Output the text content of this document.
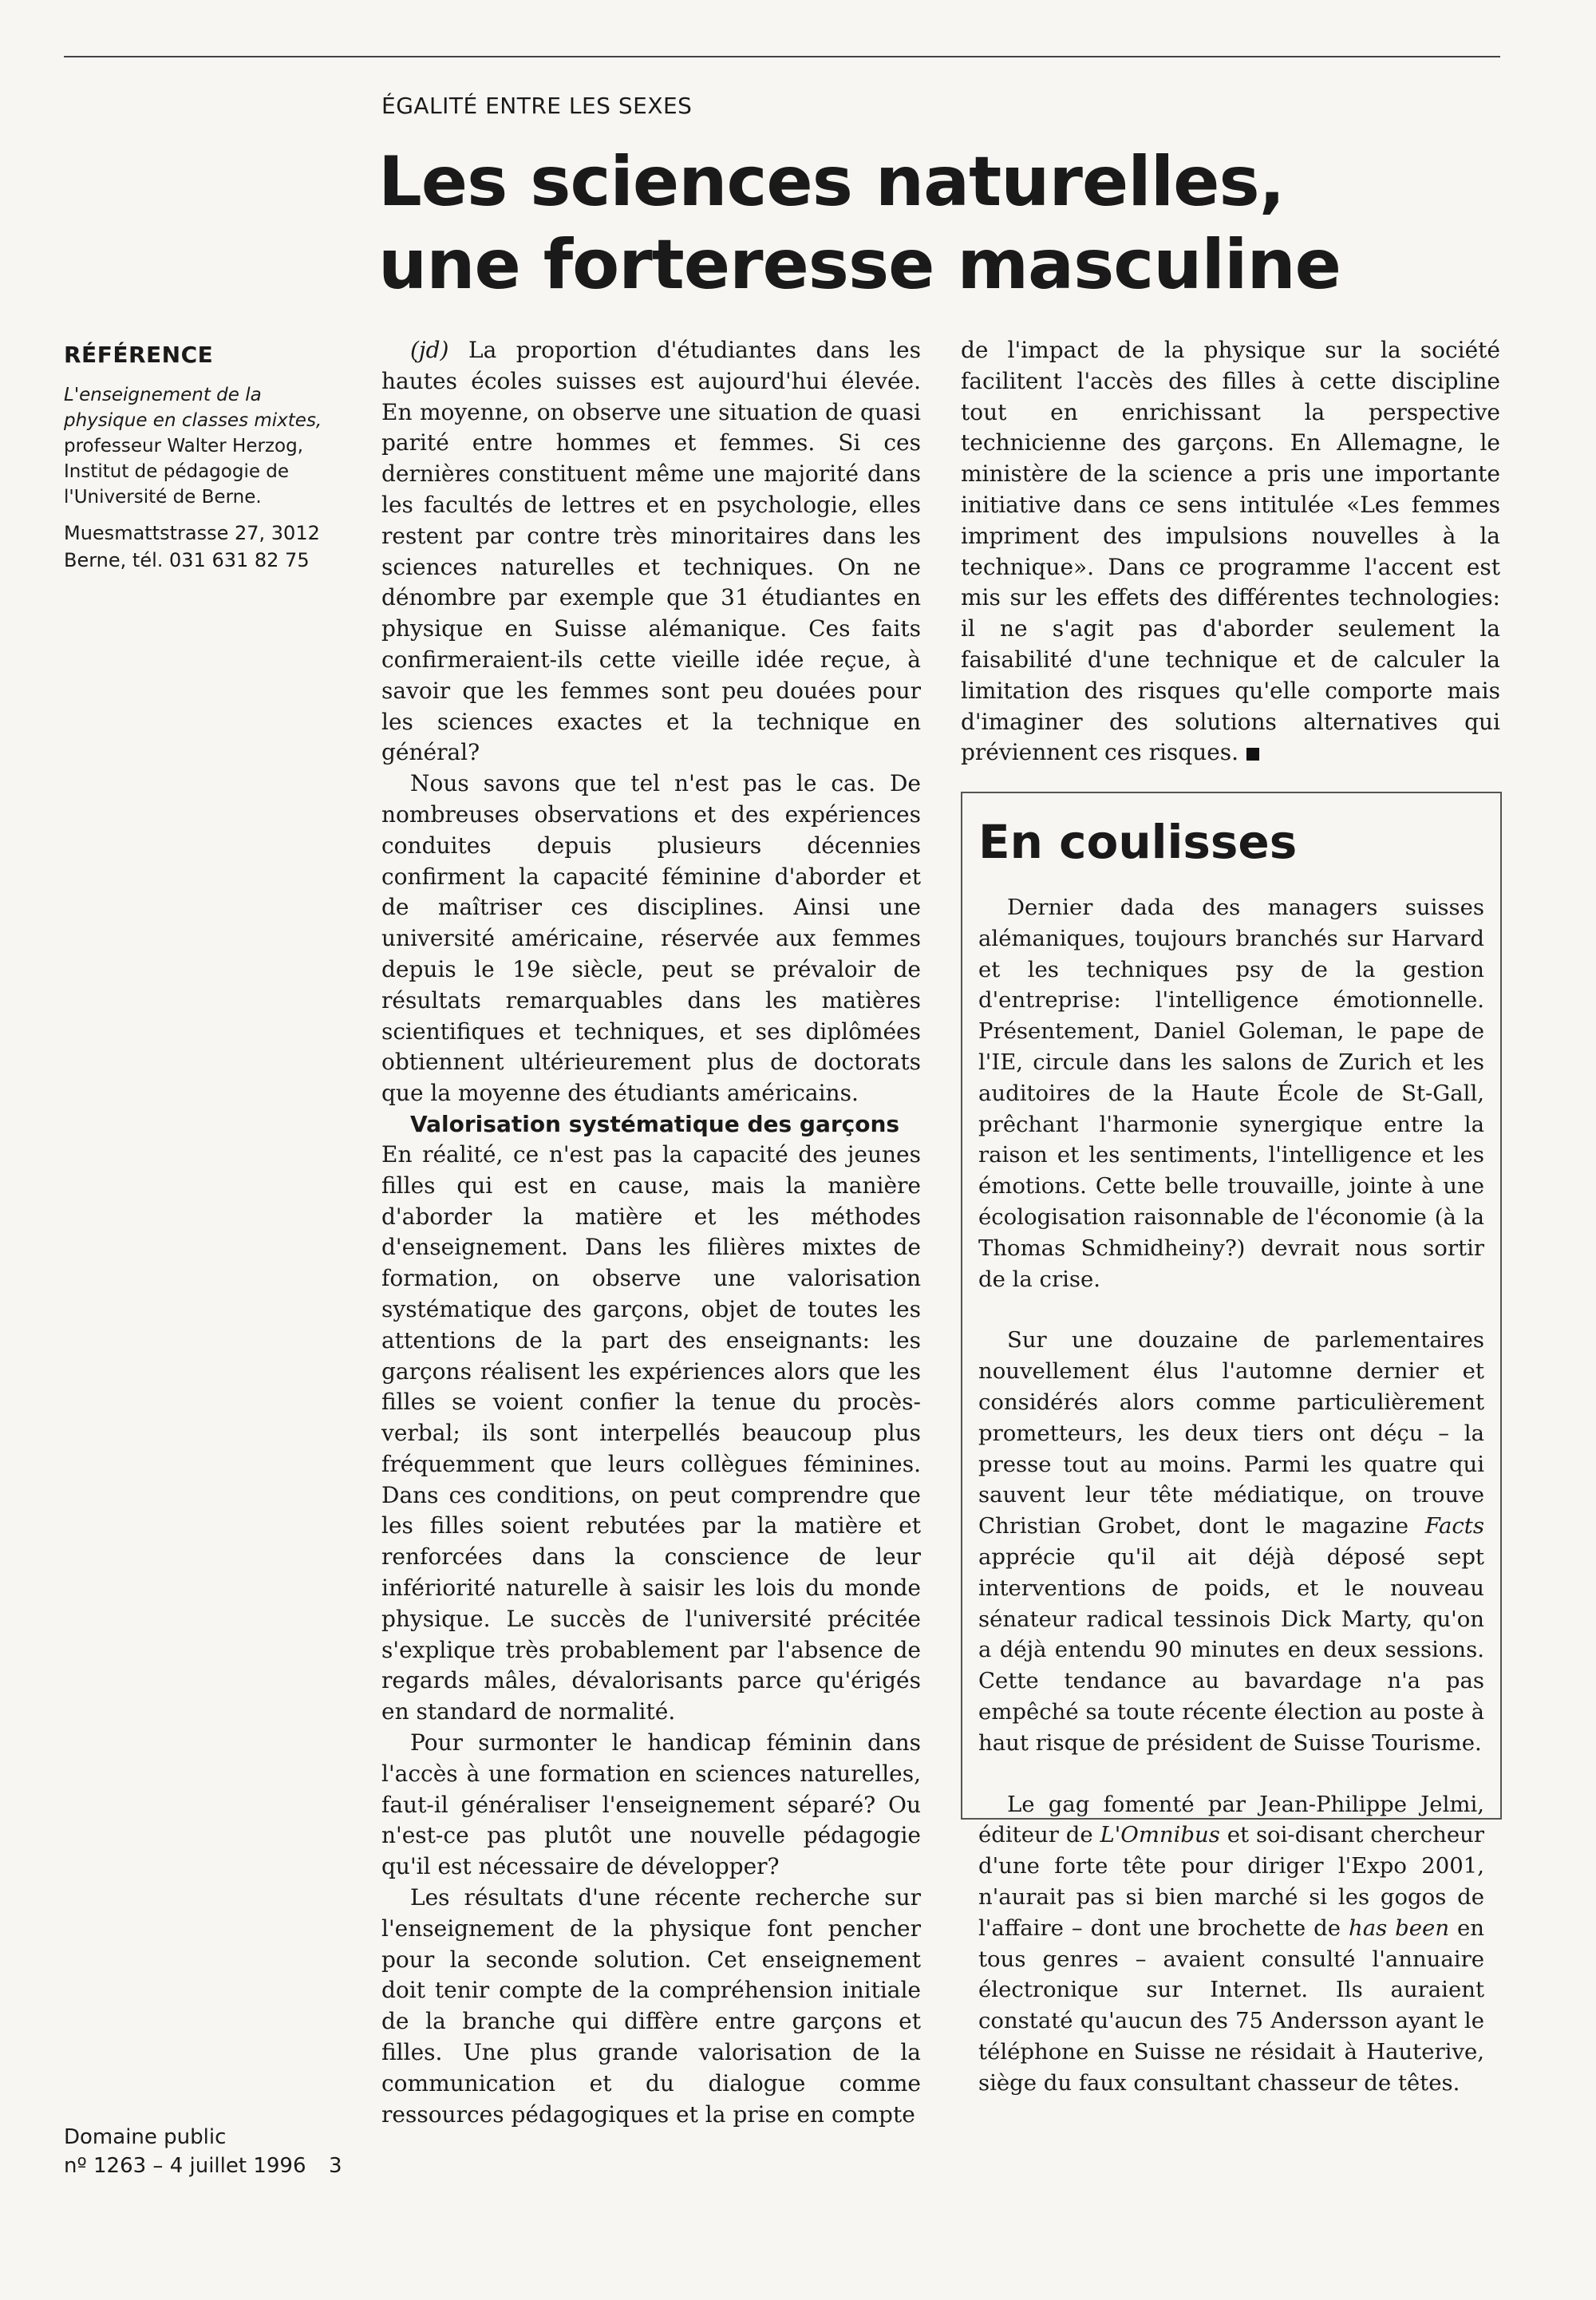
ÉGALITÉ ENTRE LES SEXES
Les sciences naturelles,
une forteresse masculine
RÉFÉRENCE

L'enseignement de la physique en classes mixtes, professeur Walter Herzog, Institut de pédagogie de l'Université de Berne.

Muesmattstrasse 27, 3012 Berne, tél. 031 631 82 75

Domaine public
nº 1263 – 4 juillet 1996	3

(jd) La proportion d'étudiantes dans les hautes écoles suisses est aujourd'hui élevée. En moyenne, on observe une situation de quasi parité entre hommes et femmes. Si ces dernières constituent même une majorité dans les facultés de lettres et en psychologie, elles restent par contre très minoritaires dans les sciences naturelles et techniques. On ne dénombre par exemple que 31 étudiantes en physique en Suisse alémanique. Ces faits confirmeraient-ils cette vieille idée reçue, à savoir que les femmes sont peu douées pour les sciences exactes et la technique en général?

Nous savons que tel n'est pas le cas. De nombreuses observations et des expériences conduites depuis plusieurs décennies confirment la capacité féminine d'aborder et de maîtriser ces disciplines. Ainsi une université américaine, réservée aux femmes depuis le 19e siècle, peut se prévaloir de résultats remarquables dans les matières scientifiques et techniques, et ses diplômées obtiennent ultérieurement plus de doctorats que la moyenne des étudiants américains.

Valorisation systématique des garçons

En réalité, ce n'est pas la capacité des jeunes filles qui est en cause, mais la manière d'aborder la matière et les méthodes d'enseignement. Dans les filières mixtes de formation, on observe une valorisation systématique des garçons, objet de toutes les attentions de la part des enseignants: les garçons réalisent les expériences alors que les filles se voient confier la tenue du procès-verbal; ils sont interpellés beaucoup plus fréquemment que leurs collègues féminines. Dans ces conditions, on peut comprendre que les filles soient rebutées par la matière et renforcées dans la conscience de leur infériorité naturelle à saisir les lois du monde physique. Le succès de l'université précitée s'explique très probablement par l'absence de regards mâles, dévalorisants parce qu'érigés en standard de normalité.

Pour surmonter le handicap féminin dans l'accès à une formation en sciences naturelles, faut-il généraliser l'enseignement séparé? Ou n'est-ce pas plutôt une nouvelle pédagogie qu'il est nécessaire de développer?

Les résultats d'une récente recherche sur l'enseignement de la physique font pencher pour la seconde solution. Cet enseignement doit tenir compte de la compréhension initiale de la branche qui diffère entre garçons et filles. Une plus grande valorisation de la communication et du dialogue comme ressources pédagogiques et la prise en compte

de l'impact de la physique sur la société facilitent l'accès des filles à cette discipline tout en enrichissant la perspective technicienne des garçons. En Allemagne, le ministère de la science a pris une importante initiative dans ce sens intitulée «Les femmes impriment des impulsions nouvelles à la technique». Dans ce programme l'accent est mis sur les effets des différentes technologies: il ne s'agit pas d'aborder seulement la faisabilité d'une technique et de calculer la limitation des risques qu'elle comporte mais d'imaginer des solutions alternatives qui préviennent ces risques.

En coulisses

Dernier dada des managers suisses alémaniques, toujours branchés sur Harvard et les techniques psy de la gestion d'entreprise: l'intelligence émotionnelle. Présentement, Daniel Goleman, le pape de l'IE, circule dans les salons de Zurich et les auditoires de la Haute École de St-Gall, prêchant l'harmonie synergique entre la raison et les sentiments, l'intelligence et les émotions. Cette belle trouvaille, jointe à une écologisation raisonnable de l'économie (à la Thomas Schmidheiny?) devrait nous sortir de la crise.

Sur une douzaine de parlementaires nouvellement élus l'automne dernier et considérés alors comme particulièrement prometteurs, les deux tiers ont déçu – la presse tout au moins. Parmi les quatre qui sauvent leur tête médiatique, on trouve Christian Grobet, dont le magazine Facts apprécie qu'il ait déjà déposé sept interventions de poids, et le nouveau sénateur radical tessinois Dick Marty, qu'on a déjà entendu 90 minutes en deux sessions. Cette tendance au bavardage n'a pas empêché sa toute récente élection au poste à haut risque de président de Suisse Tourisme.

Le gag fomenté par Jean-Philippe Jelmi, éditeur de L'Omnibus et soi-disant chercheur d'une forte tête pour diriger l'Expo 2001, n'aurait pas si bien marché si les gogos de l'affaire – dont une brochette de has been en tous genres – avaient consulté l'annuaire électronique sur Internet. Ils auraient constaté qu'aucun des 75 Andersson ayant le téléphone en Suisse ne résidait à Hauterive, siège du faux consultant chasseur de têtes.
